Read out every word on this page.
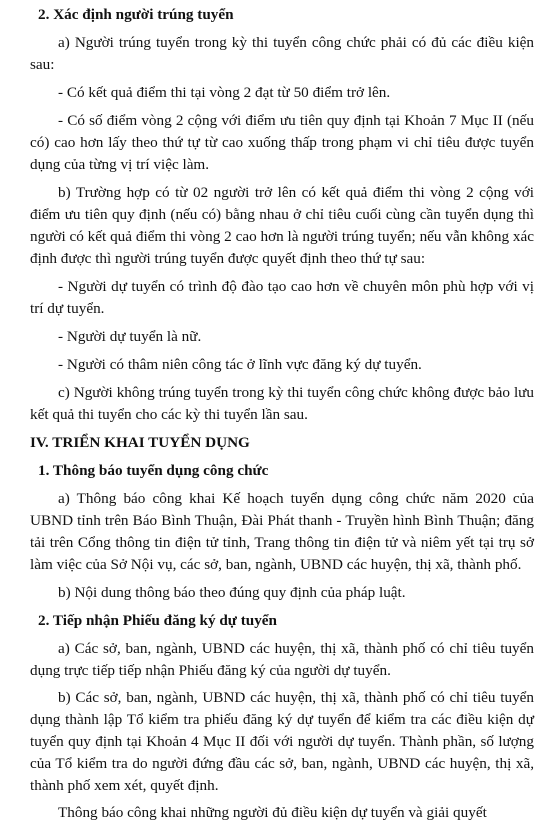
2. Xác định người trúng tuyển

a) Người trúng tuyển trong kỳ thi tuyển công chức phải có đủ các điều kiện sau:

- Có kết quả điểm thi tại vòng 2 đạt từ 50 điểm trở lên.

- Có số điểm vòng 2 cộng với điểm ưu tiên quy định tại Khoản 7 Mục II (nếu có) cao hơn lấy theo thứ tự từ cao xuống thấp trong phạm vi chỉ tiêu được tuyển dụng của từng vị trí việc làm.

b) Trường hợp có từ 02 người trở lên có kết quả điểm thi vòng 2 cộng với điểm ưu tiên quy định (nếu có) bằng nhau ở chỉ tiêu cuối cùng cần tuyển dụng thì người có kết quả điểm thi vòng 2 cao hơn là người trúng tuyển; nếu vẫn không xác định được thì người trúng tuyển được quyết định theo thứ tự sau:

- Người dự tuyển có trình độ đào tạo cao hơn về chuyên môn phù hợp với vị trí dự tuyển.

- Người dự tuyển là nữ.

- Người có thâm niên công tác ở lĩnh vực đăng ký dự tuyển.

c) Người không trúng tuyển trong kỳ thi tuyển công chức không được bảo lưu kết quả thi tuyển cho các kỳ thi tuyển lần sau.

IV. TRIỂN KHAI TUYỂN DỤNG
1. Thông báo tuyển dụng công chức

a) Thông báo công khai Kế hoạch tuyển dụng công chức năm 2020 của UBND tỉnh trên Báo Bình Thuận, Đài Phát thanh - Truyền hình Bình Thuận; đăng tải trên Cổng thông tin điện tử tỉnh, Trang thông tin điện tử và niêm yết tại trụ sở làm việc của Sở Nội vụ, các sở, ban, ngành, UBND các huyện, thị xã, thành phố.

b) Nội dung thông báo theo đúng quy định của pháp luật.

2. Tiếp nhận Phiếu đăng ký dự tuyển

a) Các sở, ban, ngành, UBND các huyện, thị xã, thành phố có chỉ tiêu tuyển dụng trực tiếp tiếp nhận Phiếu đăng ký của người dự tuyển.

b) Các sở, ban, ngành, UBND các huyện, thị xã, thành phố có chỉ tiêu tuyển dụng thành lập Tổ kiểm tra phiếu đăng ký dự tuyển để kiểm tra các điều kiện dự tuyển quy định tại Khoản 4 Mục II đối với người dự tuyển. Thành phần, số lượng của Tổ kiểm tra do người đứng đầu các sở, ban, ngành, UBND các huyện, thị xã, thành phố xem xét, quyết định.

Thông báo công khai những người đủ điều kiện dự tuyển và giải quyết
